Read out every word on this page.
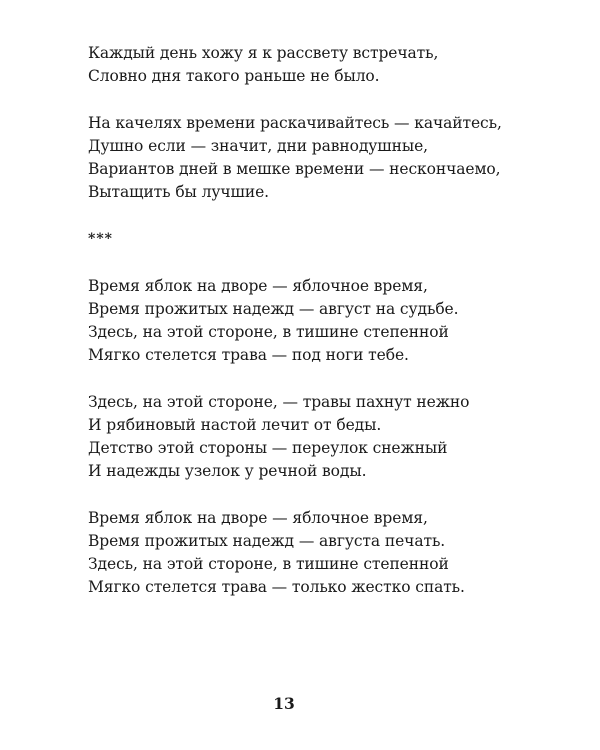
Каждый день хожу я к рассвету встречать,
Словно дня такого раньше не было.
На качелях времени раскачивайтесь — качайтесь,
Душно если — значит, дни равнодушные,
Вариантов дней в мешке времени — нескончаемо,
Вытащить бы лучшие.
***
Время яблок на дворе — яблочное время,
Время прожитых надежд — август на судьбе.
Здесь, на этой стороне, в тишине степенной
Мягко стелется трава — под ноги тебе.
Здесь, на этой стороне, — травы пахнут нежно
И рябиновый настой лечит от беды.
Детство этой стороны — переулок снежный
И надежды узелок у речной воды.
Время яблок на дворе — яблочное время,
Время прожитых надежд — августа печать.
Здесь, на этой стороне, в тишине степенной
Мягко стелется трава — только жестко спать.
13
